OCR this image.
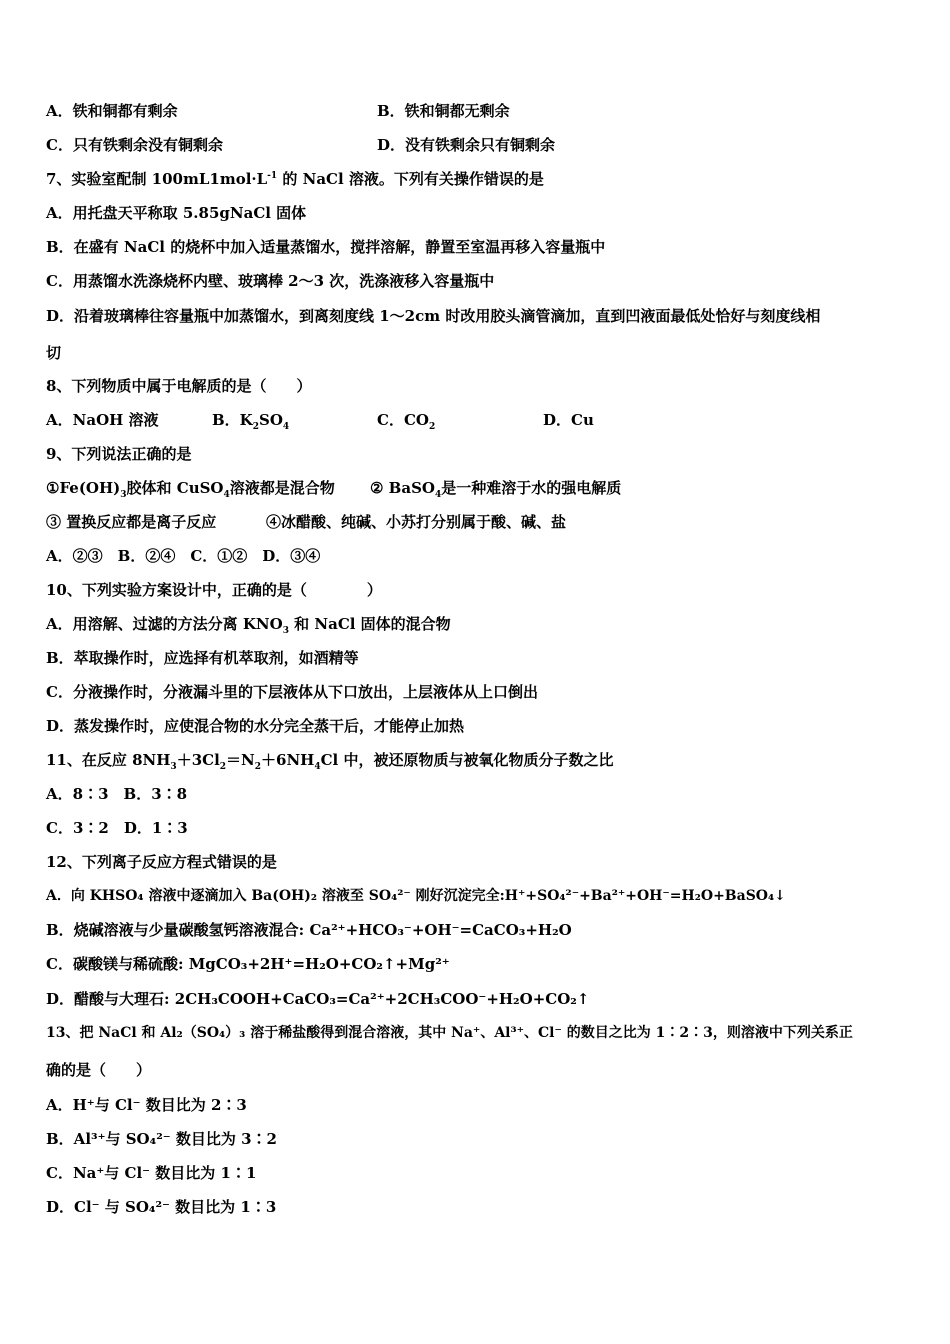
A．铁和铜都有剩余	B．铁和铜都无剩余
C．只有铁剩余没有铜剩余	D．没有铁剩余只有铜剩余
7、实验室配制 $100mL1mol\cdot L^{-1}$ 的 NaCl 溶液。下列有关操作错误的是
A．用托盘天平称取 5.85gNaCl 固体
B．在盛有 NaCl 的烧杯中加入适量蒸馏水，搅拌溶解，静置至室温再移入容量瓶中
C．用蒸馏水洗涤烧杯内壁、玻璃棒 2～3 次，洗涤液移入容量瓶中
D．沿着玻璃棒往容量瓶中加蒸馏水，到离刻度线 1～2cm 时改用胶头滴管滴加，直到凹液面最低处恰好与刻度线相
切
8、下列物质中属于电解质的是（　　）
A．NaOH 溶液	B．$K_2SO_4$	C．$CO_2$	D．Cu
9、下列说法正确的是
$①Fe(OH)_3$胶体和 CuSO$_4$溶液都是混合物 ② BaSO$_4$是一种难溶于水的强电解质
③ 置换反应都是离子反应	④冰醋酸、纯碱、小苏打分别属于酸、碱、盐
A．②③　B．②④　C．①②　D．③④
10、下列实验方案设计中，正确的是（　　　　）
A．用溶解、过滤的方法分离 $KNO_3$ 和 NaCl 固体的混合物
B．萃取操作时，应选择有机萃取剂，如酒精等
C．分液操作时，分液漏斗里的下层液体从下口放出，上层液体从上口倒出
D．蒸发操作时，应使混合物的水分完全蒸干后，才能停止加热
11、在反应 $8NH_3+3Cl_2=N_2+6NH_4Cl$ 中，被还原物质与被氧化物质分子数之比
A．8∶3　B．3∶8
C．3∶2　D．1∶3
12、下列离子反应方程式错误的是
A．向 KHSO₄ 溶液中逐滴加入 Ba(OH)₂ 溶液至 SO₄²⁻ 刚好沉淀完全:H⁺+SO₄²⁻+Ba²⁺+OH⁻=H₂O+BaSO₄↓
B．烧碱溶液与少量碳酸氢钙溶液混合: Ca²⁺+HCO₃⁻+OH⁻=CaCO₃+H₂O
C．碳酸镁与稀硫酸: MgCO₃+2H⁺=H₂O+CO₂↑+Mg²⁺
D．醋酸与大理石: 2CH₃COOH+CaCO₃=Ca²⁺+2CH₃COO⁻+H₂O+CO₂↑
13、把 NaCl 和 Al₂（SO₄）₃ 溶于稀盐酸得到混合溶液，其中 Na⁺、Al³⁺、Cl⁻ 的数目之比为 1∶2∶3，则溶液中下列关系正
确的是（　　）
A．H⁺与 Cl⁻ 数目比为 2∶3
B．Al³⁺与 SO₄²⁻ 数目比为 3∶2
C．Na⁺与 Cl⁻ 数目比为 1∶1
D．Cl⁻ 与 SO₄²⁻ 数目比为 1∶3
